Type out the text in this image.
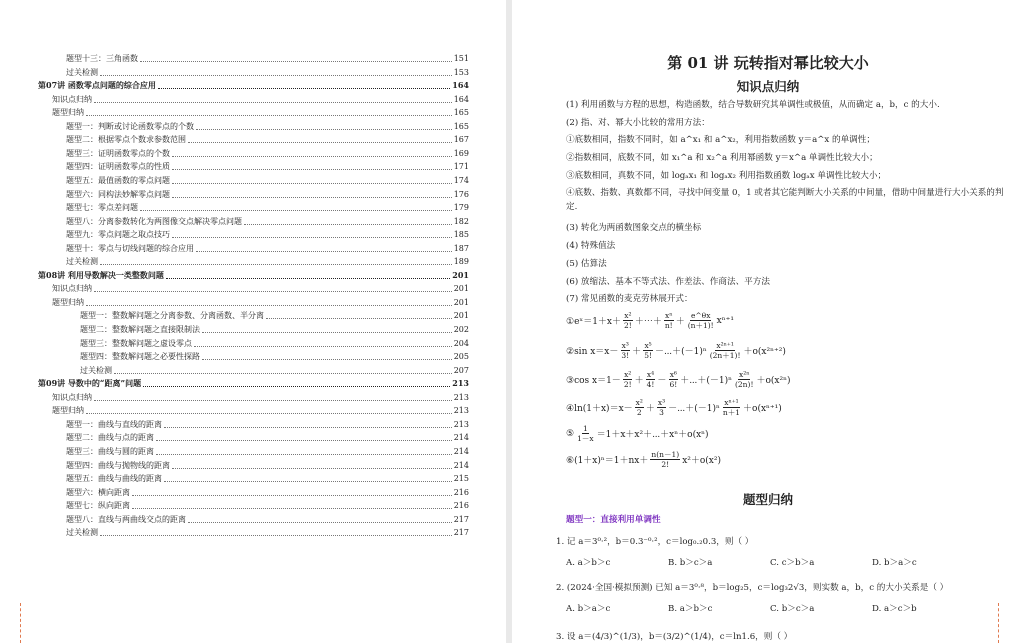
题型十三：三角函数	151
过关检测	153
第07讲 函数零点问题的综合应用	164
知识点归纳	164
题型归纳	165
题型一：判断或讨论函数零点的个数	165
题型二：根据零点个数求参数范围	167
题型三：证明函数零点的个数	169
题型四：证明函数零点的性质	171
题型五：最值函数的零点问题	174
题型六：同构法妙解零点问题	176
题型七：零点差问题	179
题型八：分离参数转化为两图像交点解决零点问题	182
题型九：零点问题之取点技巧	185
题型十：零点与切线问题的综合应用	187
过关检测	189
第08讲 利用导数解决一类整数问题	201
知识点归纳	201
题型归纳	201
题型一：整数解问题之分离参数、分离函数、半分离	201
题型二：整数解问题之直接限制法	202
题型三：整数解问题之虚设零点	204
题型四：整数解问题之必要性探路	205
过关检测	207
第09讲 导数中的“距离”问题	213
知识点归纳	213
题型归纳	213
题型一：曲线与直线的距离	213
题型二：曲线与点的距离	214
题型三：曲线与圆的距离	214
题型四：曲线与抛物线的距离	214
题型五：曲线与曲线的距离	215
题型六：横向距离	216
题型七：纵向距离	216
题型八：直线与两曲线交点的距离	217
过关检测	217
第 01 讲 玩转指对幂比较大小
知识点归纳
(1) 利用函数与方程的思想，构造函数，结合导数研究其单调性或极值，从而确定 a，b，c 的大小.
(2) 指、对、幂大小比较的常用方法：
①底数相同，指数不同时，如 a^x₁ 和 a^x₂，利用指数函数 y＝a^x 的单调性；
②指数相同，底数不同，如 x₁^a 和 x₂^a 利用幂函数 y＝x^a 单调性比较大小；
③底数相同，真数不同，如 logₐx₁ 和 logₐx₂ 利用指数函数 logₐx 单调性比较大小；
④底数、指数、真数都不同，寻找中间变量 0，1 或者其它能判断大小关系的中间量，借助中间量进行大小关系的判定.
(3) 转化为两函数图象交点的横坐标
(4) 特殊值法
(5) 估算法
(6) 放缩法、基本不等式法、作差法、作商法、平方法
(7) 常见函数的麦克劳林展开式：
①eˣ＝1＋x＋ $\frac{\text{x²}}{2!}$ ＋⋯＋ $\frac{\text{xⁿ}}{n!} + \frac{e\^{}\theta x}{(n+1)!} x^{n+1}$
②sin $x=x- \frac{\text{x³}}{3!} + \frac{\text{x⁵}}{5!}$ －⋯＋(－1)ⁿ $\frac{\text{x²ⁿ⁺¹}}{(2n+1)!} +o(x^{2n+2})$
③cos $x=1- \frac{\text{x²}}{2!} + \frac{\text{x⁴}}{4!} - \frac{\text{x⁶}}{6!}$ ＋⋯＋(－1)ⁿ $\frac{\text{x²ⁿ}}{(2n)!} +o(x^{2n})$
④ln(1＋x)＝x－ $\frac{\text{x²}}{2} + \frac{\text{x³}}{3}$ －⋯＋(－1)ⁿ $\frac{\text{xⁿ⁺¹}}{n+1} +o(x^{n+1})$
⑤ $\frac{1}{1-x}$ ＝1＋x＋x²＋⋯＋xⁿ＋o(xⁿ)
⑥(1＋x)ⁿ＝1＋nx＋ $\frac{n(n-1)}{2!} x^2+o(x^2)$
题型归纳
题型一：直接利用单调性
1. 记 a＝3⁰·²，b＝0.3⁻⁰·²，c＝log₀.₂0.3，则（ ）
A. a＞b＞c	B. b＞c＞a	C. c＞b＞a	D. b＞a＞c
2. (2024·全国·模拟预测) 已知 a＝3⁰·⁸，b＝log₂5，c＝log₃2√3，则实数 a，b，c 的大小关系是（ ）
A. b＞a＞c	B. a＞b＞c	C. b＞c＞a	D. a＞c＞b
3. 设 a＝(4/3)^(1/3)，b＝(3/2)^(1/4)，c＝ln1.6，则（ ）
